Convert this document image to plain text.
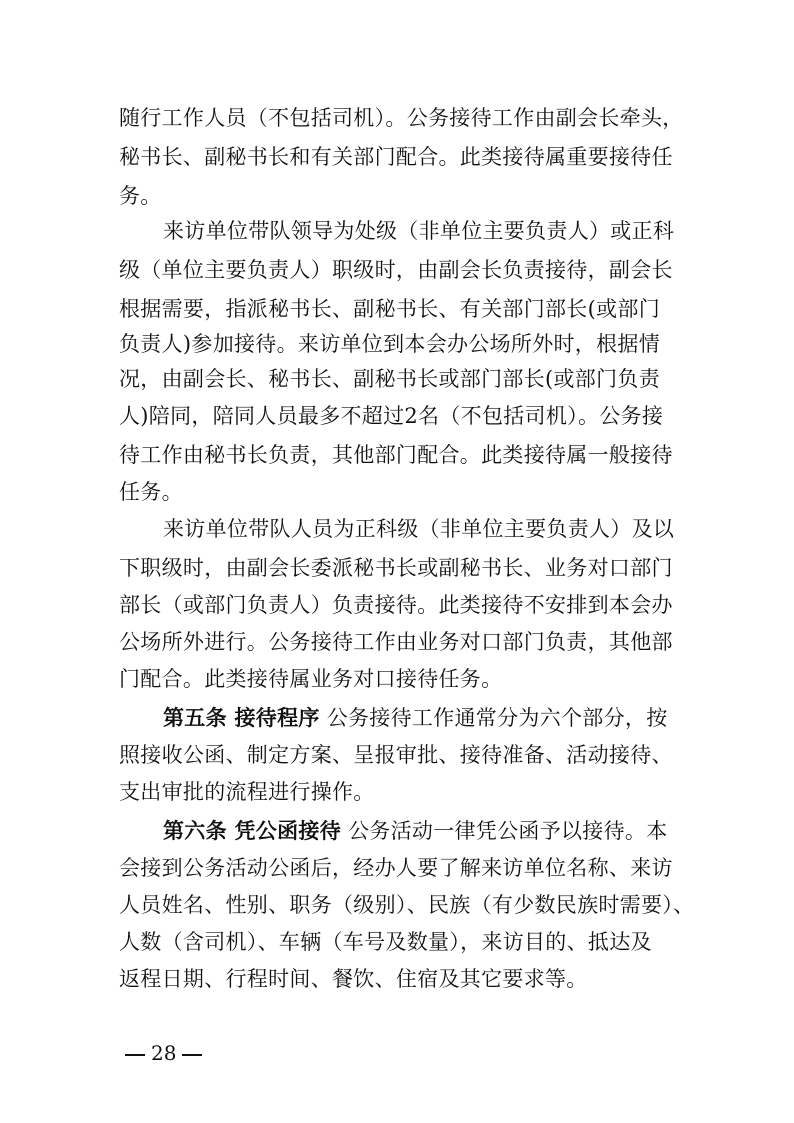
随行工作人员（不包括司机）。公务接待工作由副会长牵头，
秘书长、副秘书长和有关部门配合。此类接待属重要接待任
务。
来访单位带队领导为处级（非单位主要负责人）或正科
级（单位主要负责人）职级时，由副会长负责接待，副会长
根据需要，指派秘书长、副秘书长、有关部门部长(或部门
负责人)参加接待。来访单位到本会办公场所外时，根据情
况，由副会长、秘书长、副秘书长或部门部长(或部门负责
人)陪同，陪同人员最多不超过2名（不包括司机）。公务接
待工作由秘书长负责，其他部门配合。此类接待属一般接待
任务。
来访单位带队人员为正科级（非单位主要负责人）及以
下职级时，由副会长委派秘书长或副秘书长、业务对口部门
部长（或部门负责人）负责接待。此类接待不安排到本会办
公场所外进行。公务接待工作由业务对口部门负责，其他部
门配合。此类接待属业务对口接待任务。
第五条 接待程序 公务接待工作通常分为六个部分，按
照接收公函、制定方案、呈报审批、接待准备、活动接待、
支出审批的流程进行操作。
第六条 凭公函接待 公务活动一律凭公函予以接待。本
会接到公务活动公函后，经办人要了解来访单位名称、来访
人员姓名、性别、职务（级别）、民族（有少数民族时需要）、
人数（含司机）、车辆（车号及数量），来访目的、抵达及
返程日期、行程时间、餐饮、住宿及其它要求等。
28
